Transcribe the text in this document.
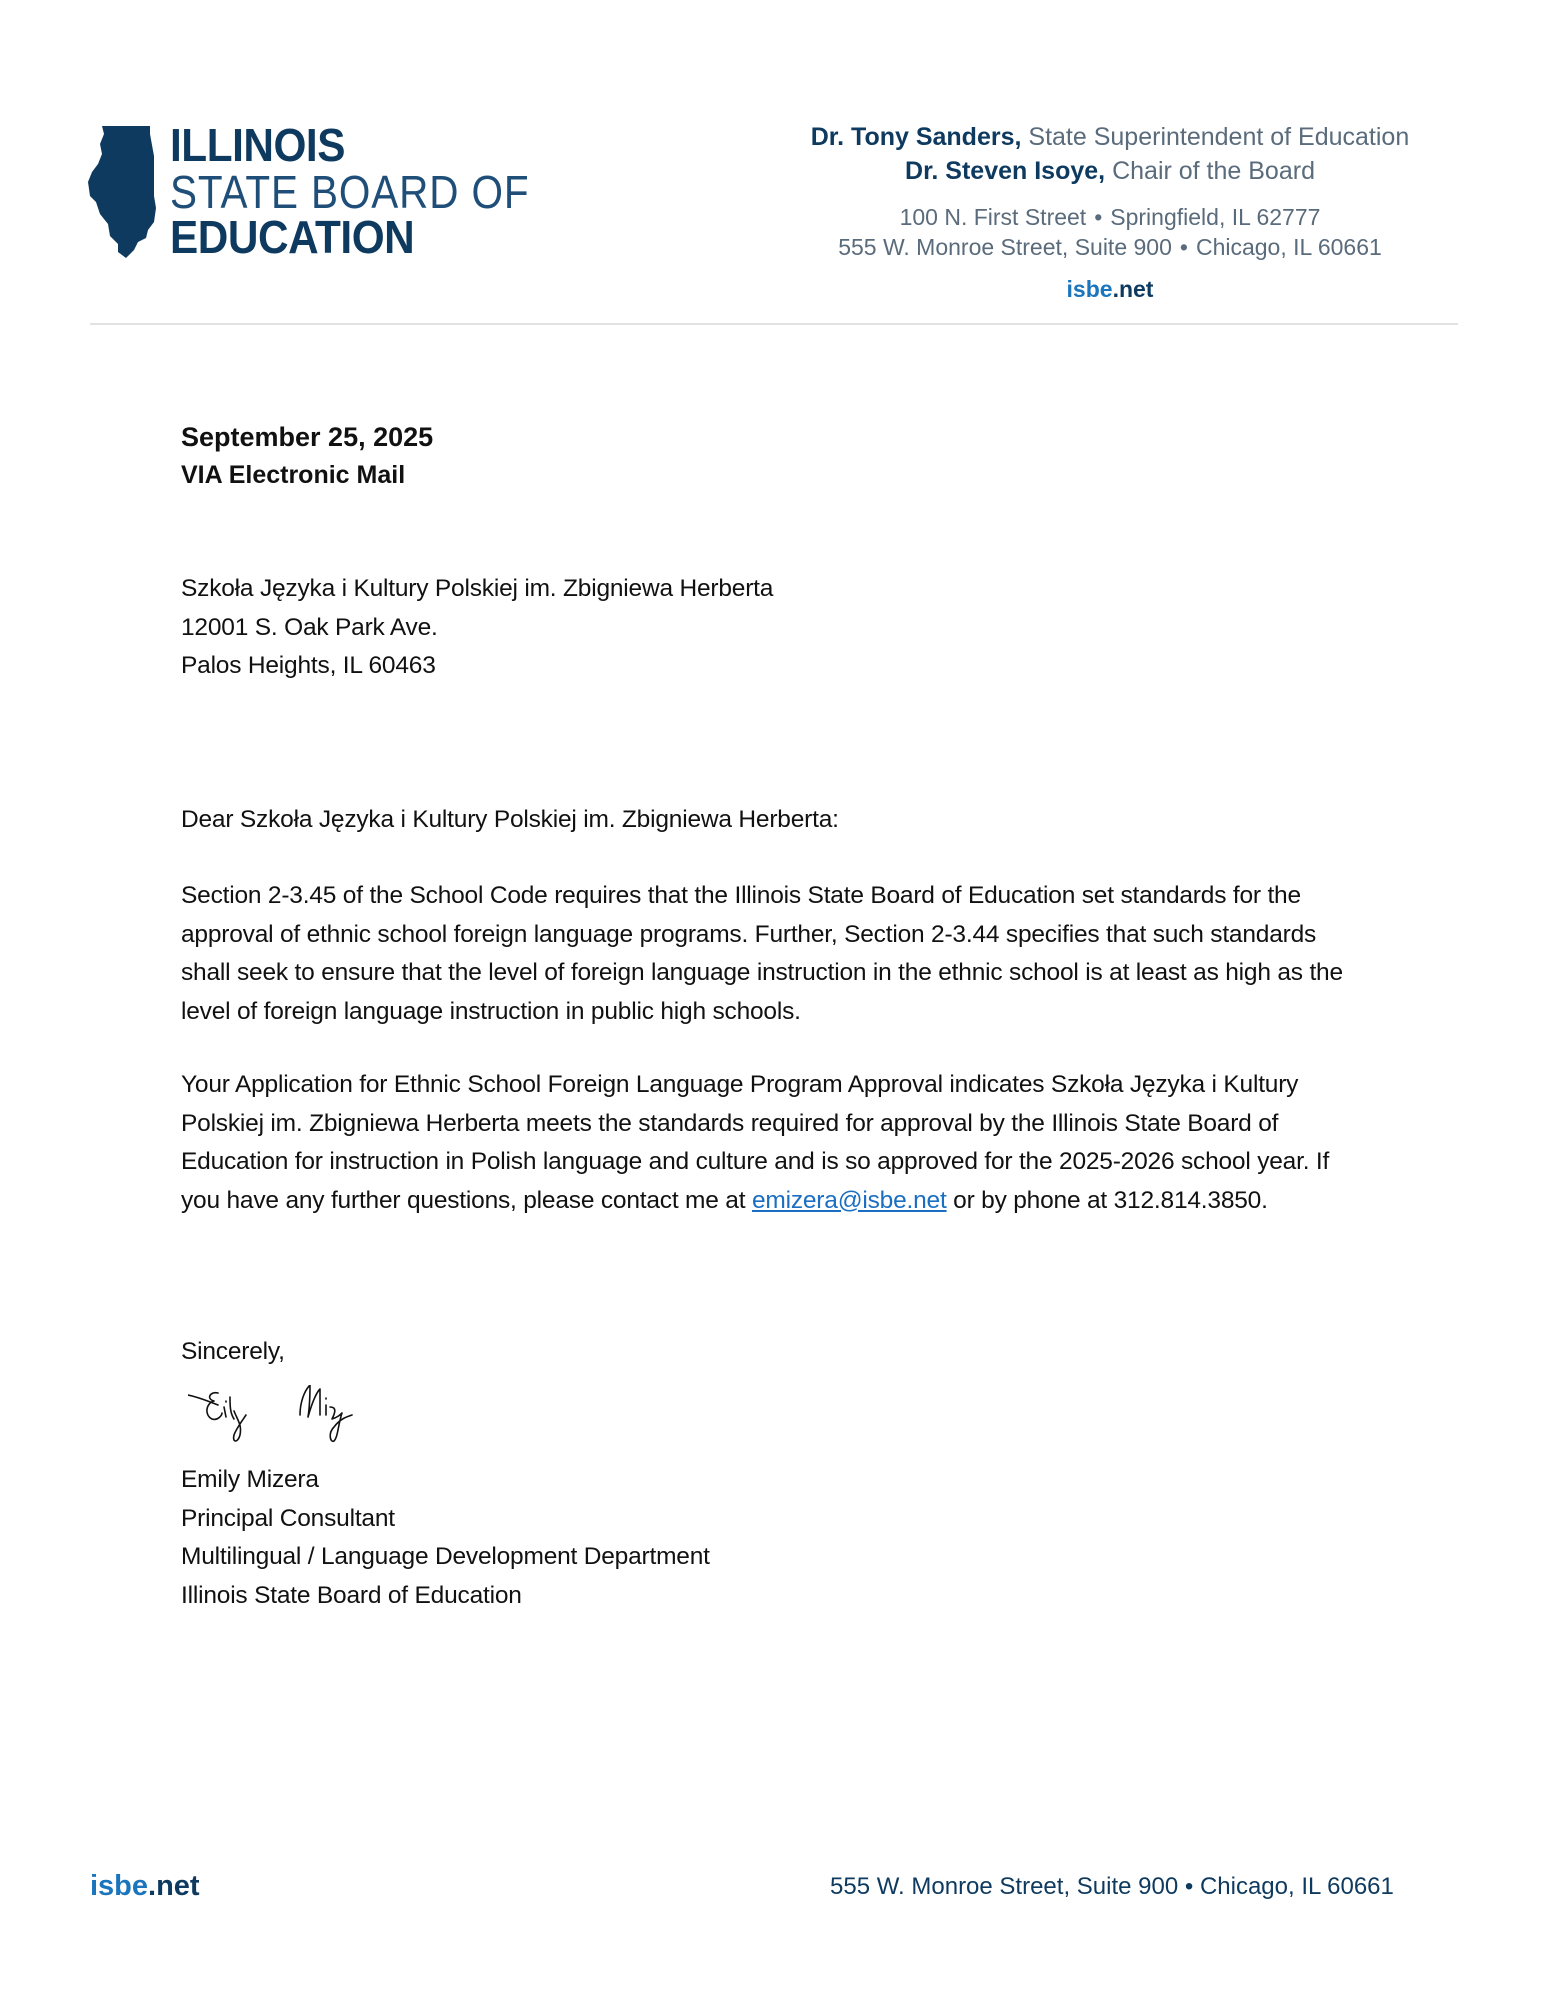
ILLINOIS
STATE BOARD OF
EDUCATION
Dr. Tony Sanders, State Superintendent of Education
Dr. Steven Isoye, Chair of the Board
100 N. First Street • Springfield, IL 62777
555 W. Monroe Street, Suite 900 • Chicago, IL 60661
isbe.net
September 25, 2025
VIA Electronic Mail
Szkoła Języka i Kultury Polskiej im. Zbigniewa Herberta
12001 S. Oak Park Ave.
Palos Heights, IL 60463
Dear Szkoła Języka i Kultury Polskiej im. Zbigniewa Herberta:
Section 2-3.45 of the School Code requires that the Illinois State Board of Education set standards for the approval of ethnic school foreign language programs. Further, Section 2-3.44 specifies that such standards shall seek to ensure that the level of foreign language instruction in the ethnic school is at least as high as the level of foreign language instruction in public high schools.
Your Application for Ethnic School Foreign Language Program Approval indicates Szkoła Języka i Kultury Polskiej im. Zbigniewa Herberta meets the standards required for approval by the Illinois State Board of Education for instruction in Polish language and culture and is so approved for the 2025-2026 school year. If you have any further questions, please contact me at emizera@isbe.net or by phone at 312.814.3850.
Sincerely,
Emily Mizera
Principal Consultant
Multilingual / Language Development Department
Illinois State Board of Education
isbe.net	555 W. Monroe Street, Suite 900 • Chicago, IL 60661
